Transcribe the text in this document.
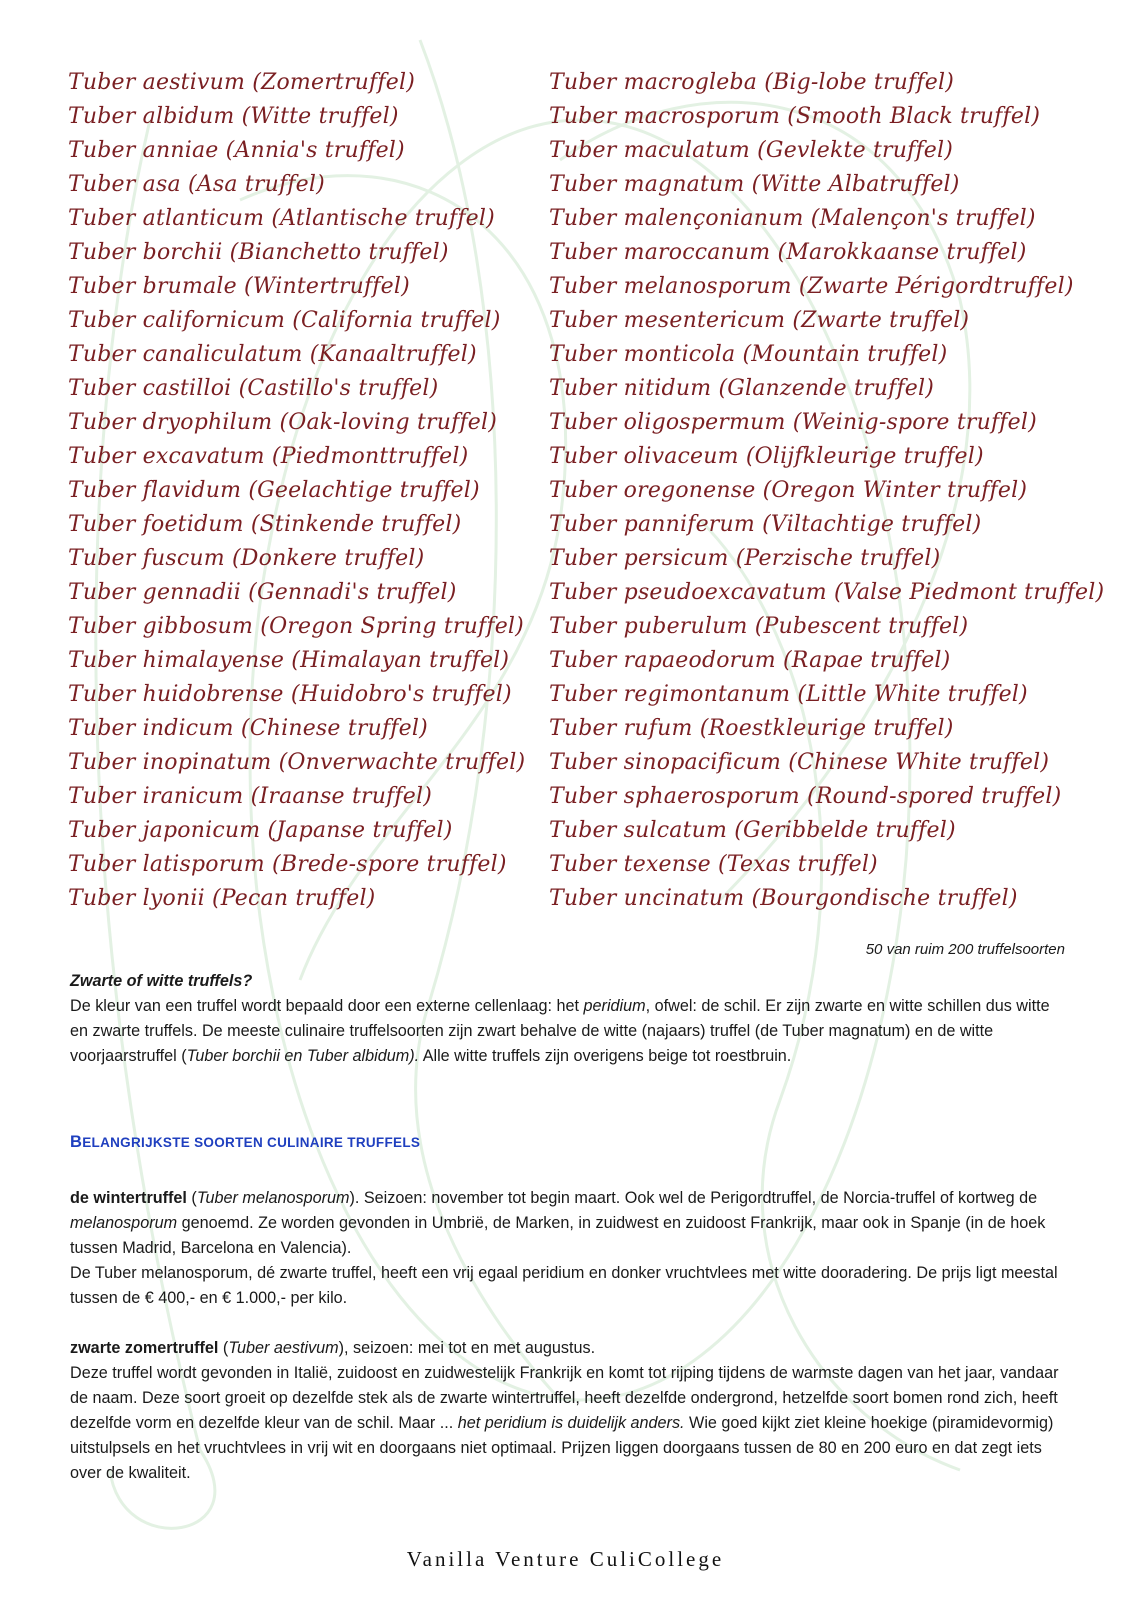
Tuber aestivum (Zomertruffel)
Tuber albidum (Witte truffel)
Tuber anniae (Annia's truffel)
Tuber asa (Asa truffel)
Tuber atlanticum (Atlantische truffel)
Tuber borchii (Bianchetto truffel)
Tuber brumale (Wintertruffel)
Tuber californicum (California truffel)
Tuber canaliculatum (Kanaaltruffel)
Tuber castilloi (Castillo's truffel)
Tuber dryophilum (Oak-loving truffel)
Tuber excavatum (Piedmonttruffel)
Tuber flavidum (Geelachtige truffel)
Tuber foetidum (Stinkende truffel)
Tuber fuscum (Donkere truffel)
Tuber gennadii (Gennadi's truffel)
Tuber gibbosum (Oregon Spring truffel)
Tuber himalayense (Himalayan truffel)
Tuber huidobrense (Huidobro's truffel)
Tuber indicum (Chinese truffel)
Tuber inopinatum (Onverwachte truffel)
Tuber iranicum (Iraanse truffel)
Tuber japonicum (Japanse truffel)
Tuber latisporum (Brede-spore truffel)
Tuber lyonii (Pecan truffel)
Tuber macrogleba (Big-lobe truffel)
Tuber macrosporum (Smooth Black truffel)
Tuber maculatum (Gevlekte truffel)
Tuber magnatum (Witte Albatruffel)
Tuber malençonianum (Malençon's truffel)
Tuber maroccanum (Marokkaanse truffel)
Tuber melanosporum (Zwarte Périgordtruffel)
Tuber mesentericum (Zwarte truffel)
Tuber monticola (Mountain truffel)
Tuber nitidum (Glanzende truffel)
Tuber oligospermum (Weinig-spore truffel)
Tuber olivaceum (Olijfkleurige truffel)
Tuber oregonense (Oregon Winter truffel)
Tuber panniferum (Viltachtige truffel)
Tuber persicum (Perzische truffel)
Tuber pseudoexcavatum (Valse Piedmont truffel)
Tuber puberulum (Pubescent truffel)
Tuber rapaeodorum (Rapae truffel)
Tuber regimontanum (Little White truffel)
Tuber rufum (Roestkleurige truffel)
Tuber sinopacificum (Chinese White truffel)
Tuber sphaerosporum (Round-spored truffel)
Tuber sulcatum (Geribbelde truffel)
Tuber texense (Texas truffel)
Tuber uncinatum (Bourgondische truffel)
50 van ruim 200 truffelsoorten

Zwarte of witte truffels?

De kleur van een truffel wordt bepaald door een externe cellenlaag: het peridium, ofwel: de schil. Er zijn zwarte en witte schillen dus witte en zwarte truffels. De meeste culinaire truffelsoorten zijn zwart behalve de witte (najaars) truffel (de Tuber magnatum) en de witte voorjaarstruffel (Tuber borchii en Tuber albidum). Alle witte truffels zijn overigens beige tot roestbruin.

BELANGRIJKSTE SOORTEN CULINAIRE TRUFFELS

de wintertruffel (Tuber melanosporum). Seizoen: november tot begin maart. Ook wel de Perigordtruffel, de Norcia-truffel of kortweg de melanosporum genoemd. Ze worden gevonden in Umbrië, de Marken, in zuidwest en zuidoost Frankrijk, maar ook in Spanje (in de hoek tussen Madrid, Barcelona en Valencia).

De Tuber melanosporum, dé zwarte truffel, heeft een vrij egaal peridium en donker vruchtvlees met witte dooradering. De prijs ligt meestal tussen de € 400,- en € 1.000,- per kilo.

zwarte zomertruffel (Tuber aestivum), seizoen: mei tot en met augustus.

Deze truffel wordt gevonden in Italië, zuidoost en zuidwestelijk Frankrijk en komt tot rijping tijdens de warmste dagen van het jaar, vandaar de naam. Deze soort groeit op dezelfde stek als de zwarte wintertruffel, heeft dezelfde ondergrond, hetzelfde soort bomen rond zich, heeft dezelfde vorm en dezelfde kleur van de schil. Maar ... het peridium is duidelijk anders. Wie goed kijkt ziet kleine hoekige (piramidevormig) uitstulpsels en het vruchtvlees in vrij wit en doorgaans niet optimaal. Prijzen liggen doorgaans tussen de 80 en 200 euro en dat zegt iets over de kwaliteit.

Vanilla Venture CuliCollege
